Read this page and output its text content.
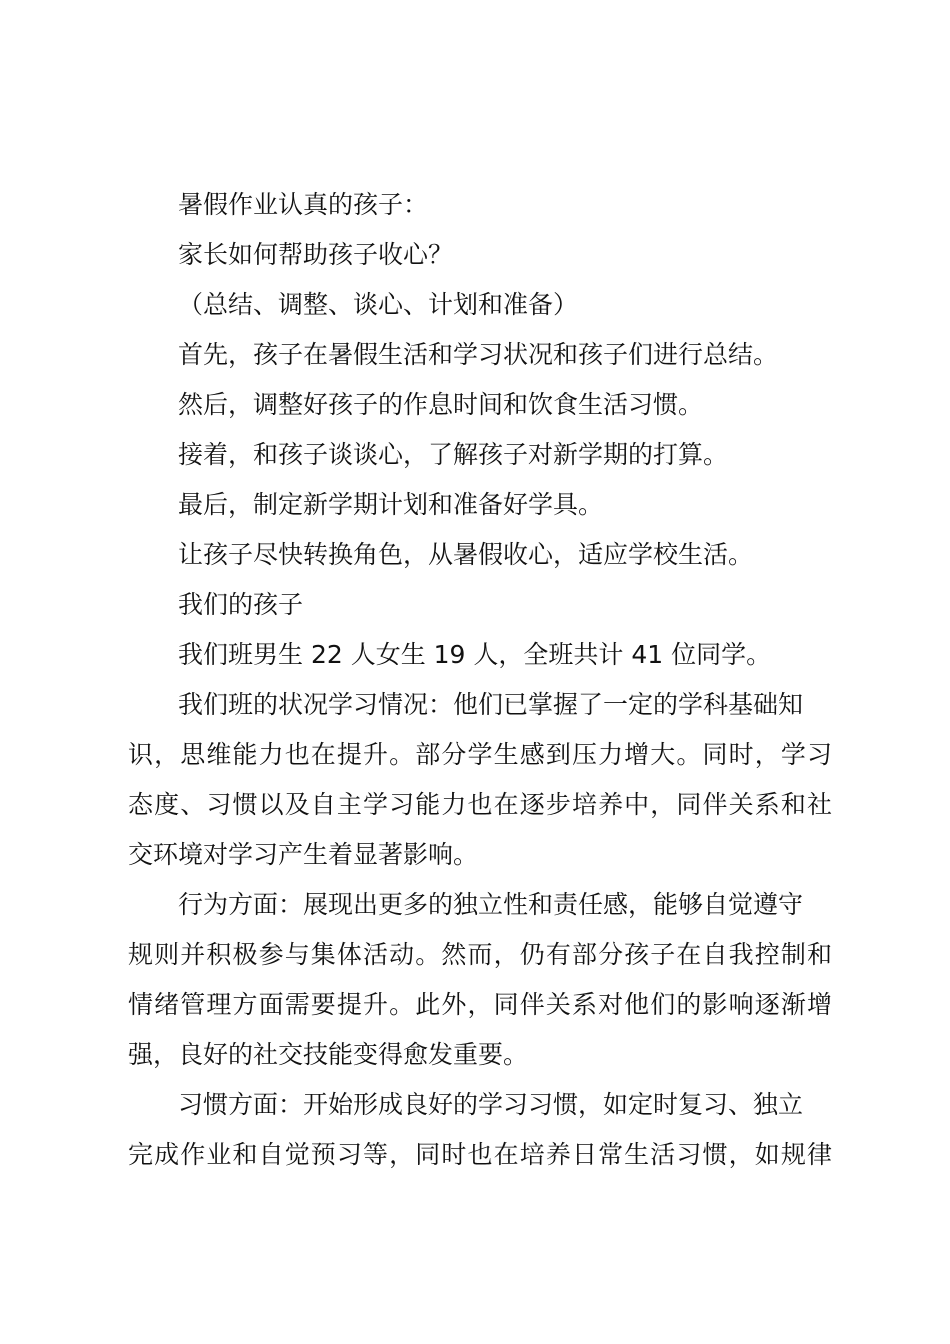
暑假作业认真的孩子：
家长如何帮助孩子收心？
（总结、调整、谈心、计划和准备）
首先，孩子在暑假生活和学习状况和孩子们进行总结。
然后，调整好孩子的作息时间和饮食生活习惯。
接着，和孩子谈谈心，了解孩子对新学期的打算。
最后，制定新学期计划和准备好学具。
让孩子尽快转换角色，从暑假收心，适应学校生活。
我们的孩子
我们班男生 22 人女生 19 人，全班共计 41 位同学。
我们班的状况学习情况：他们已掌握了一定的学科基础知
识，思维能力也在提升。部分学生感到压力增大。同时，学习
态度、习惯以及自主学习能力也在逐步培养中，同伴关系和社
交环境对学习产生着显著影响。
行为方面：展现出更多的独立性和责任感，能够自觉遵守
规则并积极参与集体活动。然而，仍有部分孩子在自我控制和
情绪管理方面需要提升。此外，同伴关系对他们的影响逐渐增
强，良好的社交技能变得愈发重要。
习惯方面：开始形成良好的学习习惯，如定时复习、独立
完成作业和自觉预习等，同时也在培养日常生活习惯，如规律
